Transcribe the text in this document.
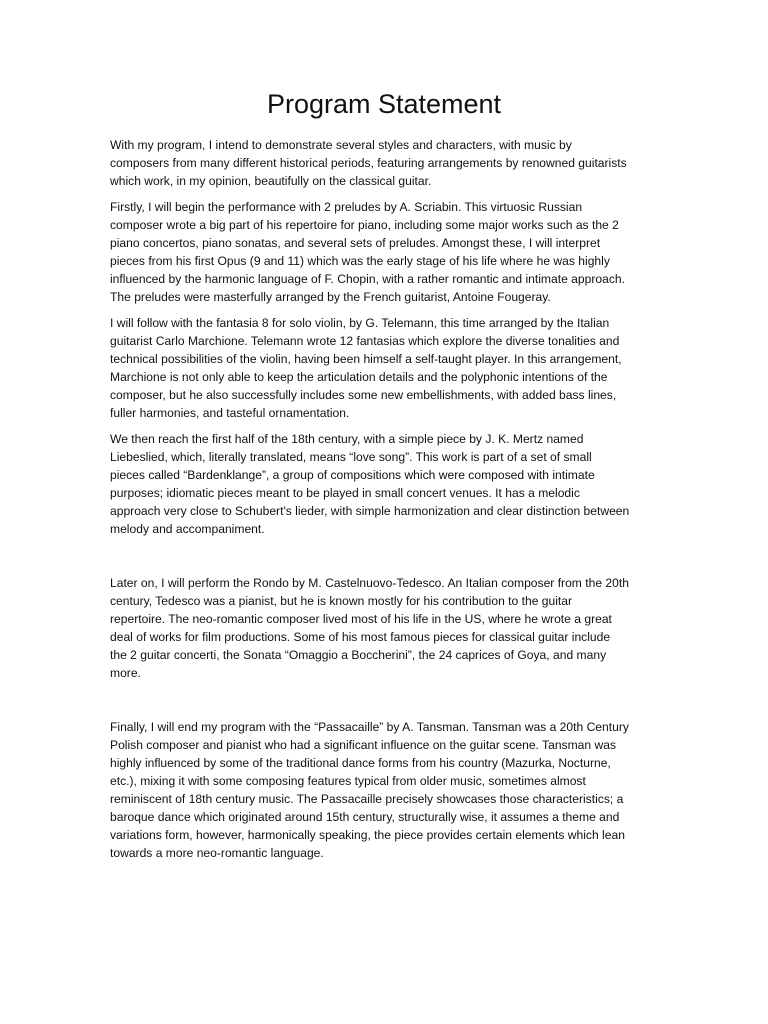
Program Statement

With my program, I intend to demonstrate several styles and characters, with music by composers from many different historical periods, featuring arrangements by renowned guitarists which work, in my opinion, beautifully on the classical guitar.

Firstly, I will begin the performance with 2 preludes by A. Scriabin. This virtuosic Russian composer wrote a big part of his repertoire for piano, including some major works such as the 2 piano concertos, piano sonatas, and several sets of preludes. Amongst these, I will interpret pieces from his first Opus (9 and 11) which was the early stage of his life where he was highly influenced by the harmonic language of F. Chopin, with a rather romantic and intimate approach. The preludes were masterfully arranged by the French guitarist, Antoine Fougeray.

I will follow with the fantasia 8 for solo violin, by G. Telemann, this time arranged by the Italian guitarist Carlo Marchione. Telemann wrote 12 fantasias which explore the diverse tonalities and technical possibilities of the violin, having been himself a self-taught player. In this arrangement, Marchione is not only able to keep the articulation details and the polyphonic intentions of the composer, but he also successfully includes some new embellishments, with added bass lines, fuller harmonies, and tasteful ornamentation.

We then reach the first half of the 18th century, with a simple piece by J. K. Mertz named Liebeslied, which, literally translated, means “love song”. This work is part of a set of small pieces called “Bardenklange”, a group of compositions which were composed with intimate purposes; idiomatic pieces meant to be played in small concert venues. It has a melodic approach very close to Schubert's lieder, with simple harmonization and clear distinction between melody and accompaniment.

Later on, I will perform the Rondo by M. Castelnuovo-Tedesco. An Italian composer from the 20th century, Tedesco was a pianist, but he is known mostly for his contribution to the guitar repertoire. The neo-romantic composer lived most of his life in the US, where he wrote a great deal of works for film productions. Some of his most famous pieces for classical guitar include the 2 guitar concerti, the Sonata “Omaggio a Boccherini”, the 24 caprices of Goya, and many more.

Finally, I will end my program with the “Passacaille” by A. Tansman. Tansman was a 20th Century Polish composer and pianist who had a significant influence on the guitar scene. Tansman was highly influenced by some of the traditional dance forms from his country (Mazurka, Nocturne, etc.), mixing it with some composing features typical from older music, sometimes almost reminiscent of 18th century music. The Passacaille precisely showcases those characteristics; a baroque dance which originated around 15th century, structurally wise, it assumes a theme and variations form, however, harmonically speaking, the piece provides certain elements which lean towards a more neo-romantic language.
